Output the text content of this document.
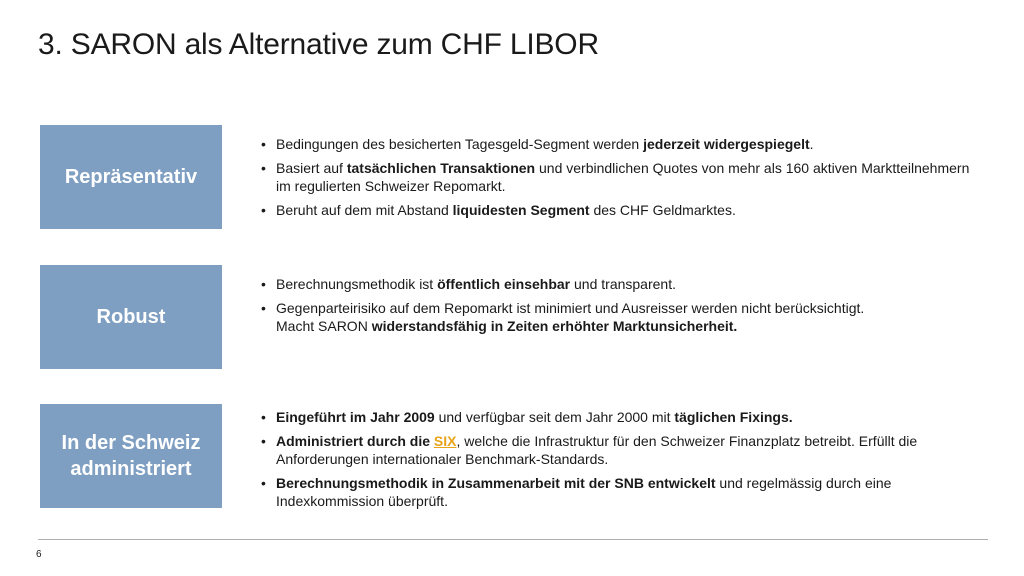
3. SARON als Alternative zum CHF LIBOR
Repräsentativ
• Bedingungen des besicherten Tagesgeld-Segment werden jederzeit widergespiegelt.
• Basiert auf tatsächlichen Transaktionen und verbindlichen Quotes von mehr als 160 aktiven Marktteilnehmern im regulierten Schweizer Repomarkt.
• Beruht auf dem mit Abstand liquidesten Segment des CHF Geldmarktes.
Robust
• Berechnungsmethodik ist öffentlich einsehbar und transparent.
• Gegenparteirisiko auf dem Repomarkt ist minimiert und Ausreisser werden nicht berücksichtigt.
Macht SARON widerstandsfähig in Zeiten erhöhter Marktunsicherheit.
In der Schweiz
administriert
• Eingeführt im Jahr 2009 und verfügbar seit dem Jahr 2000 mit täglichen Fixings.
• Administriert durch die SIX, welche die Infrastruktur für den Schweizer Finanzplatz betreibt. Erfüllt die Anforderungen internationaler Benchmark-Standards.
• Berechnungsmethodik in Zusammenarbeit mit der SNB entwickelt und regelmässig durch eine Indexkommission überprüft.
6
